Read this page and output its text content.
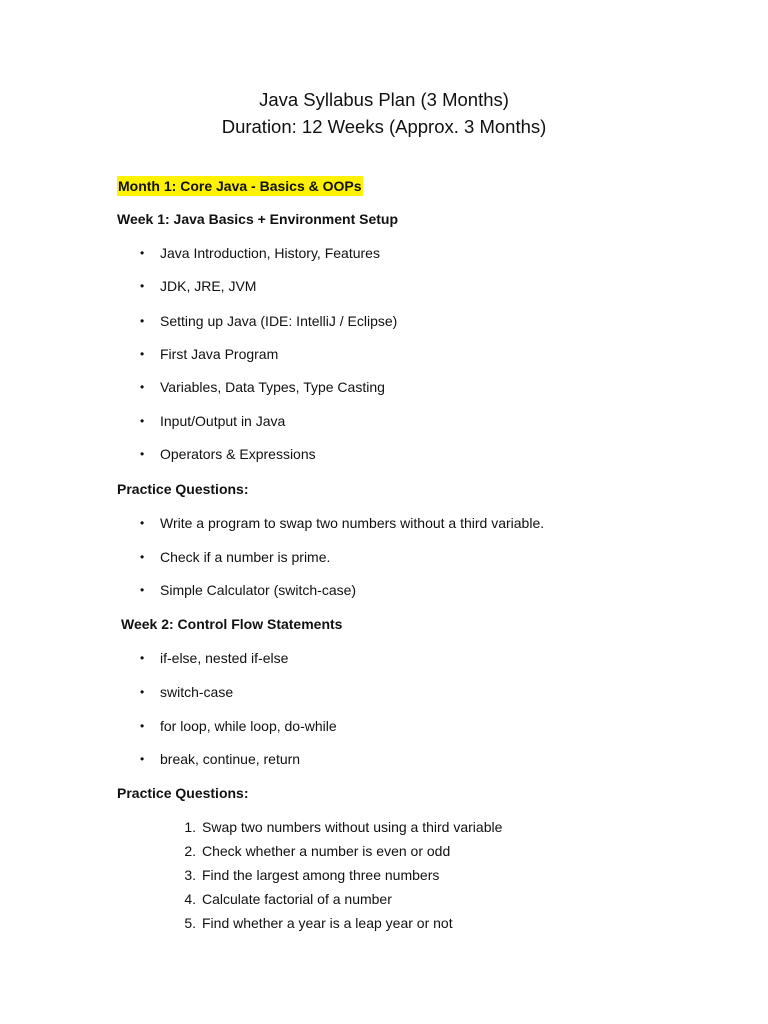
Java Syllabus Plan (3 Months)
Duration: 12 Weeks (Approx. 3 Months)
Month 1: Core Java - Basics & OOPs
Week 1: Java Basics + Environment Setup
• Java Introduction, History, Features
• JDK, JRE, JVM
• Setting up Java (IDE: IntelliJ / Eclipse)
• First Java Program
• Variables, Data Types, Type Casting
• Input/Output in Java
• Operators & Expressions
Practice Questions:
• Write a program to swap two numbers without a third variable.
• Check if a number is prime.
• Simple Calculator (switch-case)
Week 2: Control Flow Statements
• if-else, nested if-else
• switch-case
• for loop, while loop, do-while
• break, continue, return
Practice Questions:
1. Swap two numbers without using a third variable
2. Check whether a number is even or odd
3. Find the largest among three numbers
4. Calculate factorial of a number
5. Find whether a year is a leap year or not
